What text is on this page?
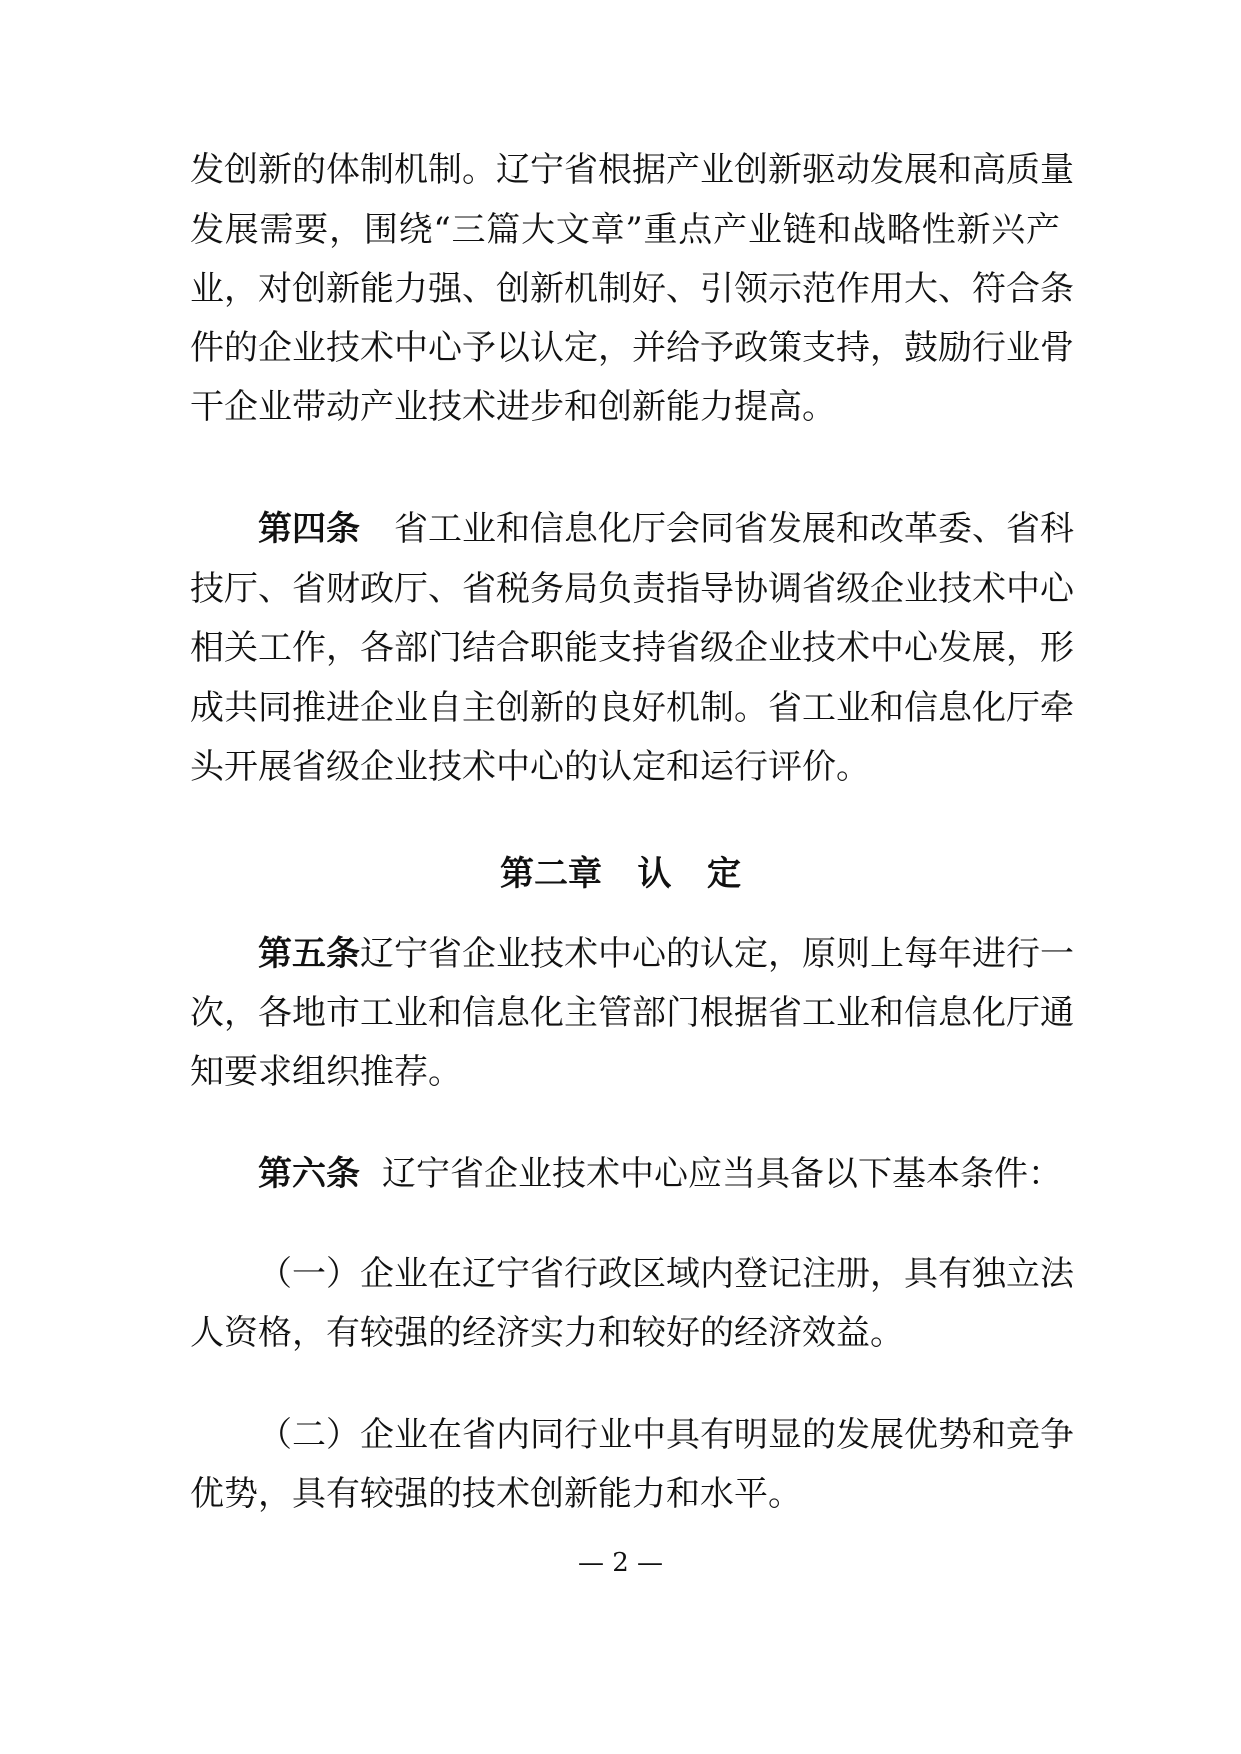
发创新的体制机制。辽宁省根据产业创新驱动发展和高质量
发展需要，围绕“三篇大文章”重点产业链和战略性新兴产
业，对创新能力强、创新机制好、引领示范作用大、符合条
件的企业技术中心予以认定，并给予政策支持，鼓励行业骨
干企业带动产业技术进步和创新能力提高。
第四条 省工业和信息化厅会同省发展和改革委、省科
技厅、省财政厅、省税务局负责指导协调省级企业技术中心
相关工作，各部门结合职能支持省级企业技术中心发展，形
成共同推进企业自主创新的良好机制。省工业和信息化厅牵
头开展省级企业技术中心的认定和运行评价。
第二章   认   定
第五条辽宁省企业技术中心的认定，原则上每年进行一
次，各地市工业和信息化主管部门根据省工业和信息化厅通
知要求组织推荐。
第六条 辽宁省企业技术中心应当具备以下基本条件：
（一）企业在辽宁省行政区域内登记注册，具有独立法
人资格，有较强的经济实力和较好的经济效益。
（二）企业在省内同行业中具有明显的发展优势和竞争
优势，具有较强的技术创新能力和水平。
— 2 —
